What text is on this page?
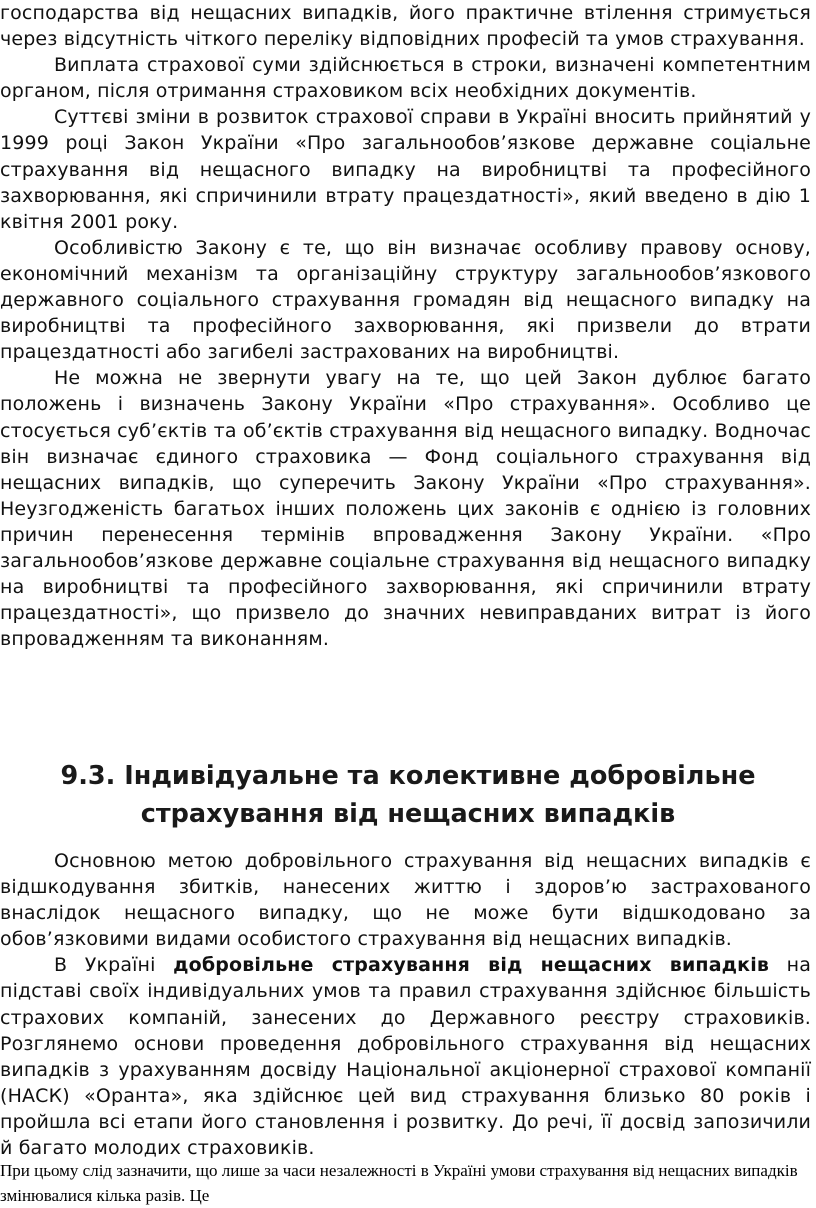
господарства від нещасних випадків, його практичне втілення стримується через відсутність чіткого переліку відповідних професій та умов страхування.

Виплата страхової суми здійснюється в строки, визначені компетентним органом, після отримання страховиком всіх необхідних документів.

Суттєві зміни в розвиток страхової справи в Україні вносить прийнятий у 1999 році Закон України «Про загальнообов’язкове державне соціальне страхування від нещасного випадку на виробництві та професійного захворювання, які спричинили втрату працездатності», який введено в дію 1 квітня 2001 року.

Особливістю Закону є те, що він визначає особливу правову основу, економічний механізм та організаційну структуру загальнообов’язкового державного соціального страхування громадян від нещасного випадку на виробництві та професійного захворювання, які призвели до втрати працездатності або загибелі застрахованих на виробництві.

Не можна не звернути увагу на те, що цей Закон дублює багато положень і визначень Закону України «Про страхування». Особливо це стосується суб’єктів та об’єктів страхування від нещасного випадку. Водночас він визначає єдиного страховика — Фонд соціального страхування від нещасних випадків, що суперечить Закону України «Про страхування». Неузгодженість багатьох інших положень цих законів є однією із головних причин перенесення термінів впровадження Закону України. «Про загальнообов’язкове державне соціальне страхування від нещасного випадку на виробництві та професійного захворювання, які спричинили втрату працездатності», що призвело до значних невиправданих витрат із його впровадженням та виконанням.

9.3. Індивідуальне та колективне добровільне
страхування від нещасних випадків

Основною метою добровільного страхування від нещасних випадків є відшкодування збитків, нанесених життю і здоров’ю застрахованого внаслідок нещасного випадку, що не може бути відшкодовано за обов’язковими видами особистого страхування від нещасних випадків.

В Україні добровільне страхування від нещасних випадків на підставі своїх індивідуальних умов та правил страхування здійснює більшість страхових компаній, занесених до Державного реєстру страховиків. Розглянемо основи проведення добровільного страхування від нещасних випадків з урахуванням досвіду Національної акціонерної страхової компанії (НАСК) «Оранта», яка здійснює цей вид страхування близько 80 років і пройшла всі етапи його становлення і розвитку. До речі, її досвід запозичили й багато молодих страховиків.

При цьому слід зазначити, що лише за часи незалежності в Україні умови страхування від нещасних випадків змінювалися кілька разів. Це
